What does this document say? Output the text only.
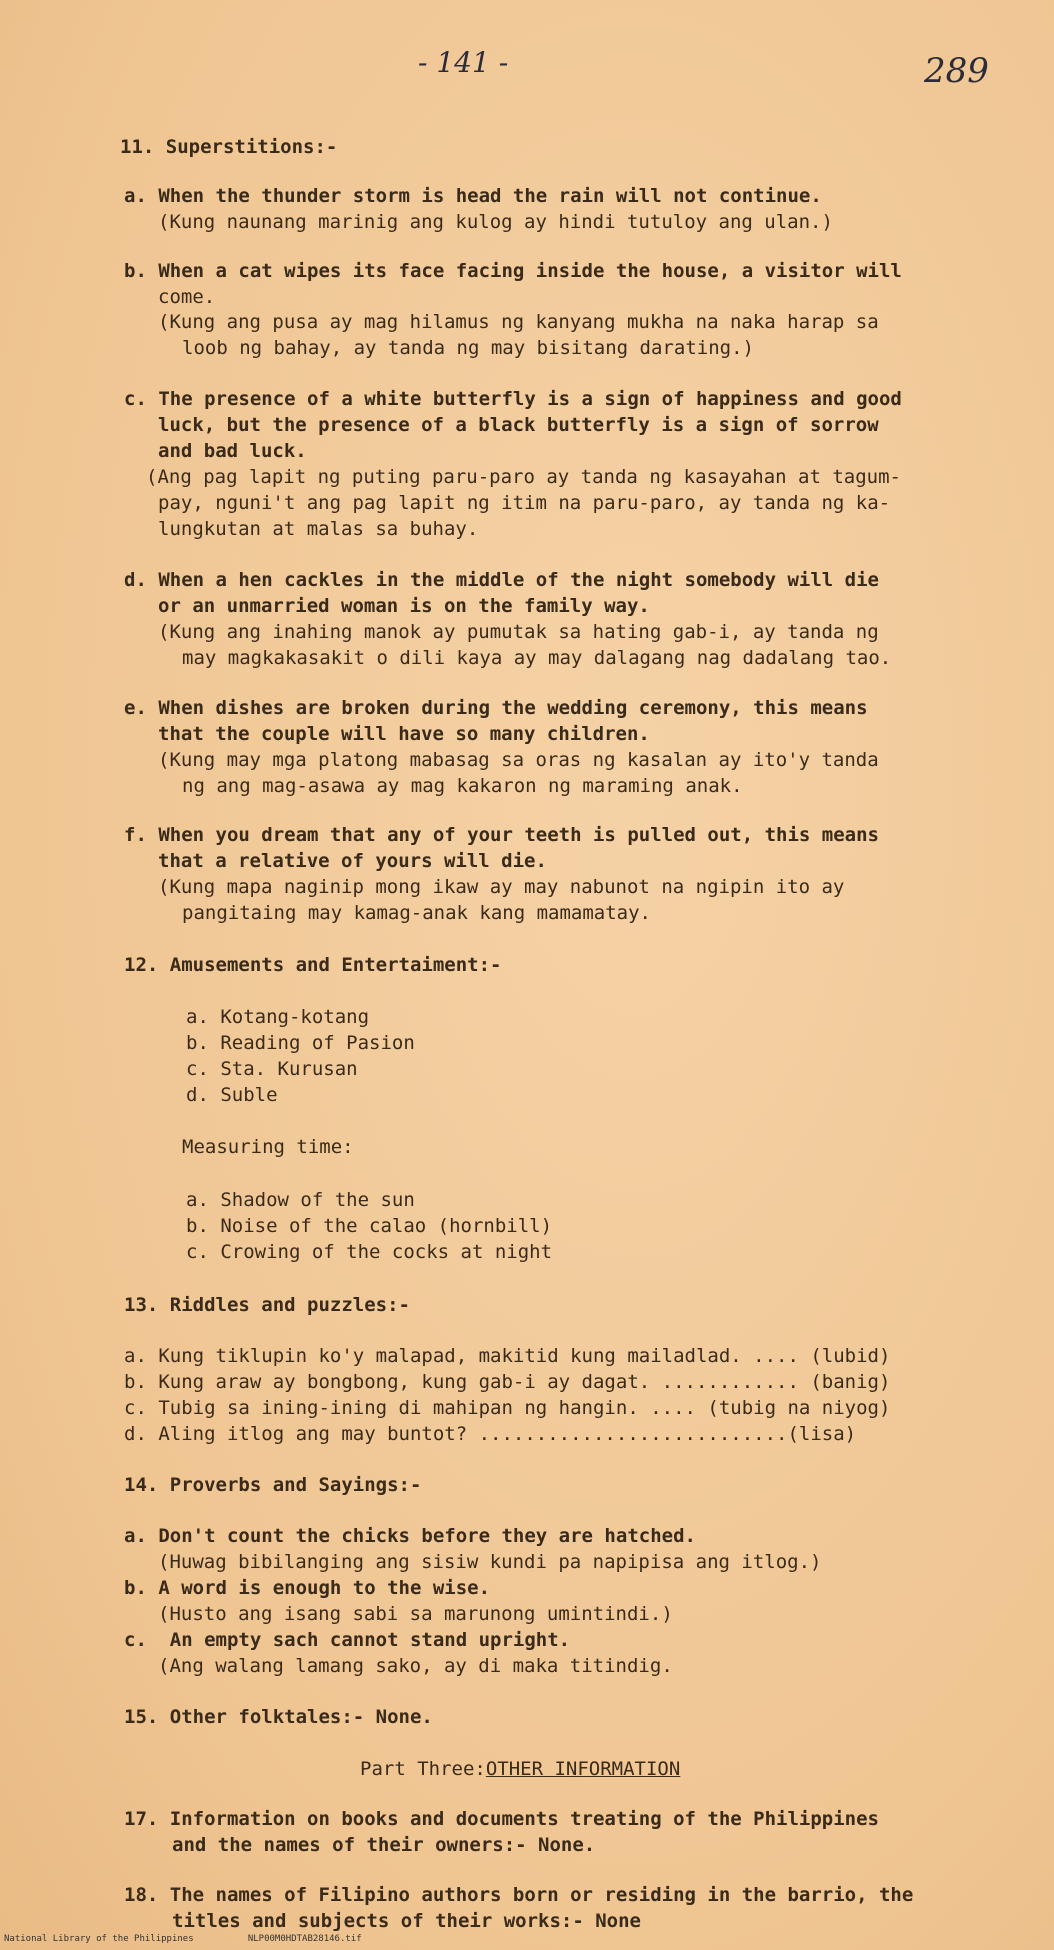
- 141 -	289
11. Superstitions:-
a. When the thunder storm is head the rain will not continue.
(Kung naunang marinig ang kulog ay hindi tutuloy ang ulan.)
b. When a cat wipes its face facing inside the house, a visitor will
come.
(Kung ang pusa ay mag hilamus ng kanyang mukha na naka harap sa
loob ng bahay, ay tanda ng may bisitang darating.)
c. The presence of a white butterfly is a sign of happiness and good
luck, but the presence of a black butterfly is a sign of sorrow
and bad luck.
(Ang pag lapit ng puting paru-paro ay tanda ng kasayahan at tagum-
pay, nguni't ang pag lapit ng itim na paru-paro, ay tanda ng ka-
lungkutan at malas sa buhay.
d. When a hen cackles in the middle of the night somebody will die
or an unmarried woman is on the family way.
(Kung ang inahing manok ay pumutak sa hating gab-i, ay tanda ng
may magkakasakit o dili kaya ay may dalagang nag dadalang tao.
e. When dishes are broken during the wedding ceremony, this means
that the couple will have so many children.
(Kung may mga platong mabasag sa oras ng kasalan ay ito'y tanda
ng ang mag-asawa ay mag kakaron ng maraming anak.
f. When you dream that any of your teeth is pulled out, this means
that a relative of yours will die.
(Kung mapa naginip mong ikaw ay may nabunot na ngipin ito ay
pangitaing may kamag-anak kang mamamatay.
12. Amusements and Entertaiment:-
a. Kotang-kotang
b. Reading of Pasion
c. Sta. Kurusan
d. Suble
Measuring time:
a. Shadow of the sun
b. Noise of the calao (hornbill)
c. Crowing of the cocks at night
13. Riddles and puzzles:-
a. Kung tiklupin ko'y malapad, makitid kung mailadlad. .... (lubid)
b. Kung araw ay bongbong, kung gab-i ay dagat. ............ (banig)
c. Tubig sa ining-ining di mahipan ng hangin. .... (tubig na niyog)
d. Aling itlog ang may buntot? ...........................(lisa)
14. Proverbs and Sayings:-
a. Don't count the chicks before they are hatched.
(Huwag bibilanging ang sisiw kundi pa napipisa ang itlog.)
b. A word is enough to the wise.
(Husto ang isang sabi sa marunong umintindi.)
c.  An empty sach cannot stand upright.
(Ang walang lamang sako, ay di maka titindig.
15. Other folktales:- None.
Part Three:OTHER INFORMATION
17. Information on books and documents treating of the Philippines
and the names of their owners:- None.
18. The names of Filipino authors born or residing in the barrio, the
titles and subjects of their works:- None
National Library of the Philippines	NLP00M0HDTAB28146.tif
